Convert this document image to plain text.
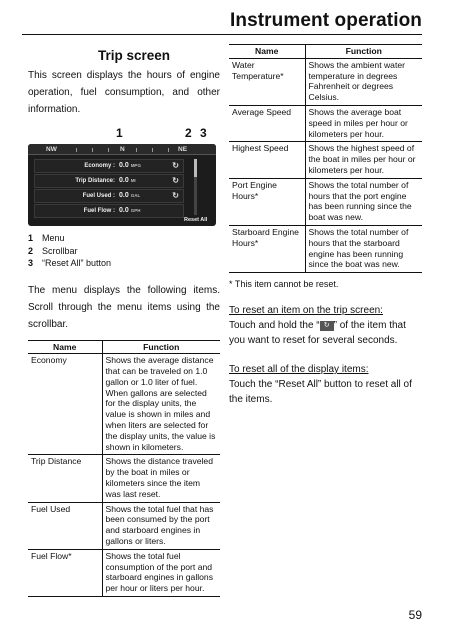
Instrument operation
Trip screen

This screen displays the hours of engine operation, fuel consumption, and other information.

1	2 3
NW	N	NE
Economy : 0.0 MPG	↻
Trip Distance: 0.0 MI	↻
Fuel Used : 0.0 GAL	↻
Fuel Flow : 0.0 GPH
Reset All
1 Menu
2 Scrollbar
3 “Reset All” button

The menu displays the following items. Scroll through the menu items using the scrollbar.

Name	Function
Economy	Shows the average distance that can be traveled on 1.0 gallon or 1.0 liter of fuel. When gallons are selected for the display units, the value is shown in miles and when liters are selected for the display units, the value is shown in kilometers.
Trip Distance	Shows the distance traveled by the boat in miles or kilometers since the item was last reset.
Fuel Used	Shows the total fuel that has been consumed by the port and starboard engines in gallons or liters.
Fuel Flow*	Shows the total fuel consumption of the port and starboard engines in gallons per hour or liters per hour.
Name	Function
Water Temperature*	Shows the ambient water temperature in degrees Fahrenheit or degrees Celsius.
Average Speed	Shows the average boat speed in miles per hour or kilometers per hour.
Highest Speed	Shows the highest speed of the boat in miles per hour or kilometers per hour.
Port Engine Hours*	Shows the total number of hours that the port engine has been running since the boat was new.
Starboard Engine Hours*	Shows the total number of hours that the starboard engine has been running since the boat was new.

* This item cannot be reset.

To reset an item on the trip screen:

Touch and hold the “ ↻ ” of the item that you want to reset for several seconds.

To reset all of the display items:

Touch the “Reset All” button to reset all of the items.

59
